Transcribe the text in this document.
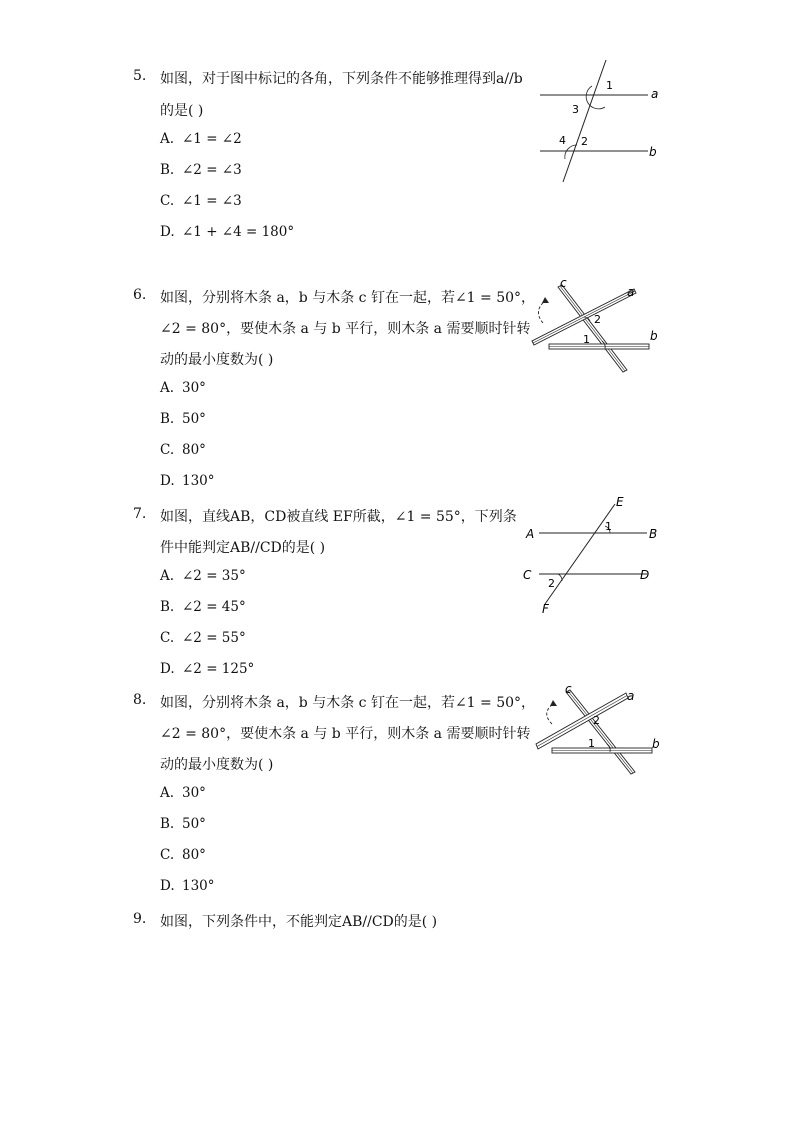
5. 如图，对于图中标记的各角，下列条件不能够推理得到a//b
的是( )
A. ∠1 = ∠2
B. ∠2 = ∠3
C. ∠1 = ∠3
D. ∠1 + ∠4 = 180°
1
3
a
4 2
b
6. 如图，分别将木条 a，b 与木条 c 钉在一起，若∠1 = 50°，
∠2 = 80°，要使木条 a 与 b 平行，则木条 a 需要顺时针转
动的最小度数为( )
A. 30°
B. 50°
C. 80°
D. 130°
c
a
2
1	b
7. 如图，直线AB，CD被直线 EF所截，∠1 = 55°，下列条
件中能判定AB//CD的是( )
A. ∠2 = 35°
B. ∠2 = 45°
C. ∠2 = 55°
D. ∠2 = 125°
E
A
1
B
C
2
D
F
8. 如图，分别将木条 a，b 与木条 c 钉在一起，若∠1 = 50°，
∠2 = 80°，要使木条 a 与 b 平行，则木条 a 需要顺时针转
动的最小度数为( )
A. 30°
B. 50°
C. 80°
D. 130°
c	a
2
1	b
9. 如图，下列条件中，不能判定AB//CD的是( )
